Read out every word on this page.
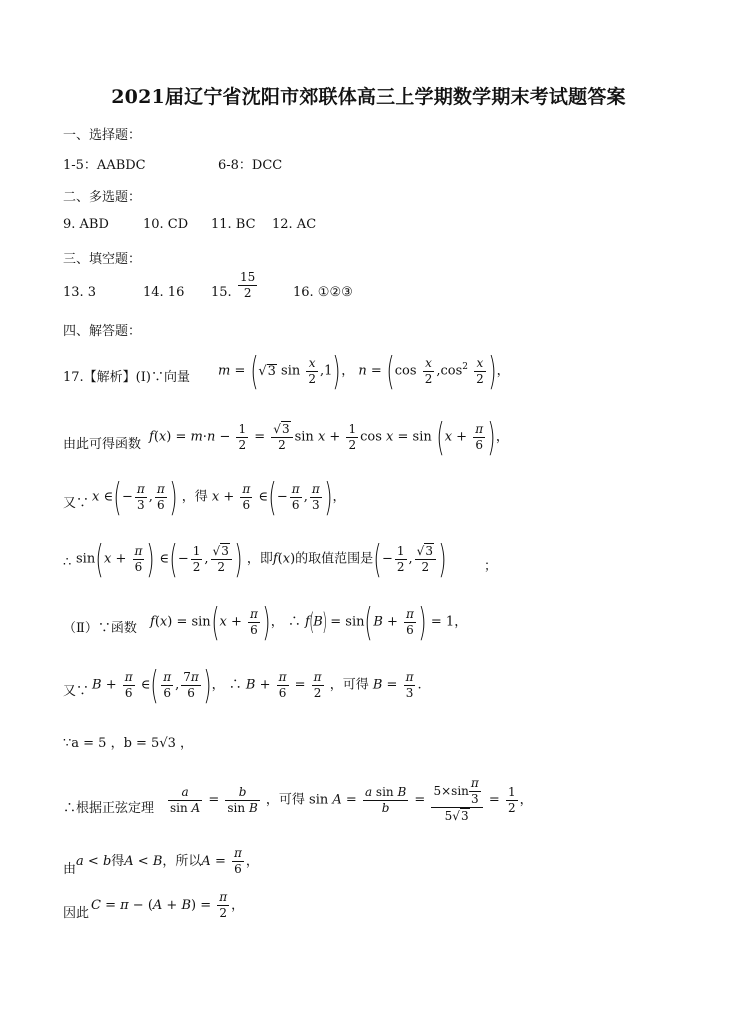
2021届辽宁省沈阳市郊联体高三上学期数学期末考试题答案
一、选择题：
1-5：AABDC	6-8：DCC
二、多选题：
9. ABD	10. CD 11. BC 12. AC
三、填空题：
13. 3	14. 16 15. $\frac{15}{2}$	16. ①②③
四、解答题：
17.【解析】(Ⅰ)∵向量 m = (√3 $\sin \frac{x}{2} ,1$)， $n = (\cos \frac{x}{2} ,\cos^2 \frac{x}{2}$ )，
由此可得函数 $f(x) = m\cdot n - \frac{1}{2} = \frac{√3}{2}$ $\sin x + \frac{1}{2}$ $\cos x = \sin (x + \frac{\pi}{6}$ )，
又∵ x ∈(− $\frac{\pi}{3}$ , $\frac{\pi}{6}$ ) ，得 $x + \frac{\pi}{6}$ ∈(− $\frac{\pi}{6}$ , $\frac{\pi}{3}$ )，
∴ $\sin(x + \frac{\pi}{6}$ ) ∈(− $\frac{1}{2}$ , $\frac{√3}{2}$ ) ，即f(x)的取值范围是(− $\frac{1}{2}$ , $\frac{√3}{2}$ )	；
（Ⅱ）∵函数 $f(x) = \sin(x + \frac{\pi}{6}$ )， ∴ $f(B) = \sin(B + \frac{\pi}{6}$ ) = 1，
又∵ $B + \frac{\pi}{6}$ ∈( $\frac{\pi}{6}$ , $\frac{7\pi}{6}$ )， ∴ $B + \frac{\pi}{6} = \frac{\pi}{2}$ ，可得 $B = \frac{\pi}{3}$ .
∵a = 5 ，b = 5√3 ，
∴根据正弦定理 $\frac{a}{\text{sin A}} = \frac{b}{\text{sin B}}$ ，可得 $\sin A = \frac{\text{a sin B}}{b} = \frac{5\times\sin \frac{\pi}{3}}{5√3} = \frac{1}{2}$ ，
由
a < b得A < B，所以$A = \frac{\pi}{6}$ ，
因此
$C = \pi - (A + B) = \frac{\pi}{2}$ ，
